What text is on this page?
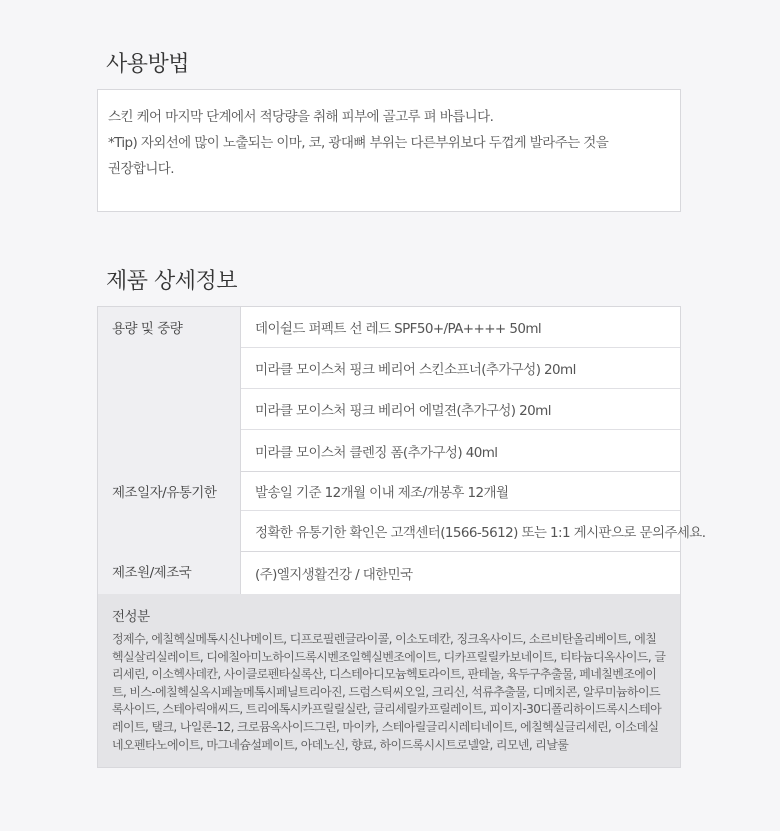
사용방법
스킨 케어 마지막 단계에서 적당량을 취해 피부에 골고루 펴 바릅니다.
*Tip) 자외선에 많이 노출되는 이마, 코, 광대뼈 부위는 다른부위보다 두껍게 발라주는 것을
권장합니다.
제품 상세정보
용량 및 중량	데이쉴드 퍼펙트 선 레드 SPF50+/PA++++ 50ml
미라클 모이스처 핑크 베리어 스킨소프너(추가구성) 20ml
미라클 모이스처 핑크 베리어 에멀젼(추가구성) 20ml
미라클 모이스처 클렌징 폼(추가구성) 40ml
제조일자/유통기한	발송일 기준 12개월 이내 제조/개봉후 12개월
정확한 유통기한 확인은 고객센터(1566-5612) 또는 1:1 게시판으로 문의주세요.
제조원/제조국	(주)엘지생활건강 / 대한민국
전성분
정제수, 에칠헥실메톡시신나메이트, 디프로필렌글라이콜, 이소도데칸, 징크옥사이드, 소르비탄올리베이트, 에칠헥실살리실레이트, 디에칠아미노하이드록시벤조일헥실벤조에이트, 디카프릴릴카보네이트, 티타늄디옥사이드, 글리세린, 이소헥사데칸, 사이클로펜타실록산, 디스테아디모늄헥토라이트, 판테놀, 육두구추출물, 페네칠벤조에이트, 비스-에칠헥실옥시페놀메톡시페닐트리아진, 드럼스틱씨오일, 크리신, 석류추출물, 디메치콘, 알루미늄하이드록사이드, 스테아릭애씨드, 트리에톡시카프릴릴실란, 글리세릴카프릴레이트, 피이지-30디폴리하이드록시스테아레이트, 탤크, 나일론-12, 크로뮴옥사이드그린, 마이카, 스테아릴글리시레티네이트, 에칠헥실글리세린, 이소데실네오펜타노에이트, 마그네슘설페이트, 아데노신, 향료, 하이드록시시트로넬알, 리모넨, 리날룰
